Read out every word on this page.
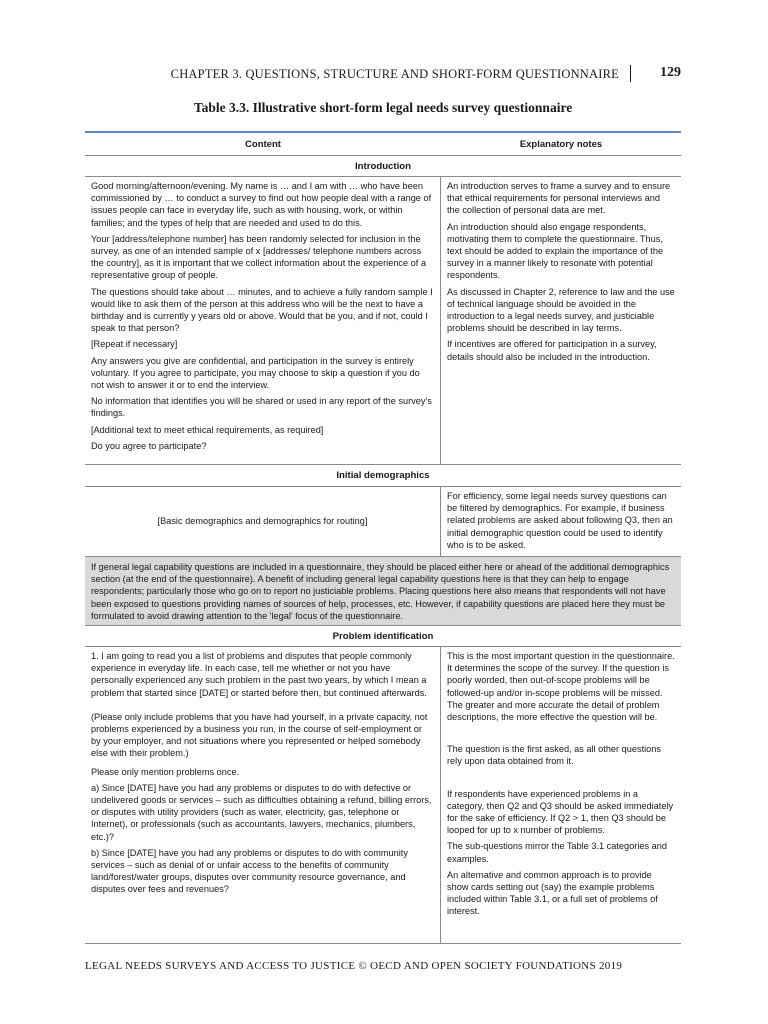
CHAPTER 3. QUESTIONS, STRUCTURE AND SHORT-FORM QUESTIONNAIRE	129
Table 3.3. Illustrative short-form legal needs survey questionnaire
Content	Explanatory notes
Introduction

Good morning/afternoon/evening. My name is … and I am with … who have been commissioned by … to conduct a survey to find out how people deal with a range of issues people can face in everyday life, such as with housing, work, or within families; and the types of help that are needed and used to do this.

Your [address/telephone number] has been randomly selected for inclusion in the survey, as one of an intended sample of x [addresses/ telephone numbers across the country], as it is important that we collect information about the experience of a representative group of people.

The questions should take about … minutes, and to achieve a fully random sample I would like to ask them of the person at this address who will be the next to have a birthday and is currently y years old or above. Would that be you, and if not, could I speak to that person?

[Repeat if necessary]

Any answers you give are confidential, and participation in the survey is entirely voluntary. If you agree to participate, you may choose to skip a question if you do not wish to answer it or to end the interview.

No information that identifies you will be shared or used in any report of the survey's findings.

[Additional text to meet ethical requirements, as required]

Do you agree to participate?

An introduction serves to frame a survey and to ensure that ethical requirements for personal interviews and the collection of personal data are met.

An introduction should also engage respondents, motivating them to complete the questionnaire. Thus, text should be added to explain the importance of the survey in a manner likely to resonate with potential respondents.

As discussed in Chapter 2, reference to law and the use of technical language should be avoided in the introduction to a legal needs survey, and justiciable problems should be described in lay terms.

If incentives are offered for participation in a survey, details should also be included in the introduction.

Initial demographics
[Basic demographics and demographics for routing]

For efficiency, some legal needs survey questions can be filtered by demographics. For example, if business related problems are asked about following Q3, then an initial demographic question could be used to identify who is to be asked.

If general legal capability questions are included in a questionnaire, they should be placed either here or ahead of the additional demographics section (at the end of the questionnaire). A benefit of including general legal capability questions here is that they can help to engage respondents; particularly those who go on to report no justiciable problems. Placing questions here also means that respondents will not have been exposed to questions providing names of sources of help, processes, etc. However, if capability questions are placed here they must be formulated to avoid drawing attention to the 'legal' focus of the questionnaire.
Problem identification

1. I am going to read you a list of problems and disputes that people commonly experience in everyday life. In each case, tell me whether or not you have personally experienced any such problem in the past two years, by which I mean a problem that started since [DATE] or started before then, but continued afterwards.

(Please only include problems that you have had yourself, in a private capacity, not problems experienced by a business you run, in the course of self-employment or by your employer, and not situations where you represented or helped somebody else with their problem.)

Please only mention problems once.

a) Since [DATE] have you had any problems or disputes to do with defective or undelivered goods or services – such as difficulties obtaining a refund, billing errors, or disputes with utility providers (such as water, electricity, gas, telephone or Internet), or professionals (such as accountants, lawyers, mechanics, plumbers, etc.)?

b) Since [DATE] have you had any problems or disputes to do with community services – such as denial of or unfair access to the benefits of community land/forest/water groups, disputes over community resource governance, and disputes over fees and revenues?

This is the most important question in the questionnaire. It determines the scope of the survey. If the question is poorly worded, then out-of-scope problems will be followed-up and/or in-scope problems will be missed. The greater and more accurate the detail of problem descriptions, the more effective the question will be.

The question is the first asked, as all other questions rely upon data obtained from it.

If respondents have experienced problems in a category, then Q2 and Q3 should be asked immediately for the sake of efficiency. If Q2 > 1, then Q3 should be looped for up to x number of problems.

The sub-questions mirror the Table 3.1 categories and examples.

An alternative and common approach is to provide show cards setting out (say) the example problems included within Table 3.1, or a full set of problems of interest.

LEGAL NEEDS SURVEYS AND ACCESS TO JUSTICE © OECD AND OPEN SOCIETY FOUNDATIONS 2019
